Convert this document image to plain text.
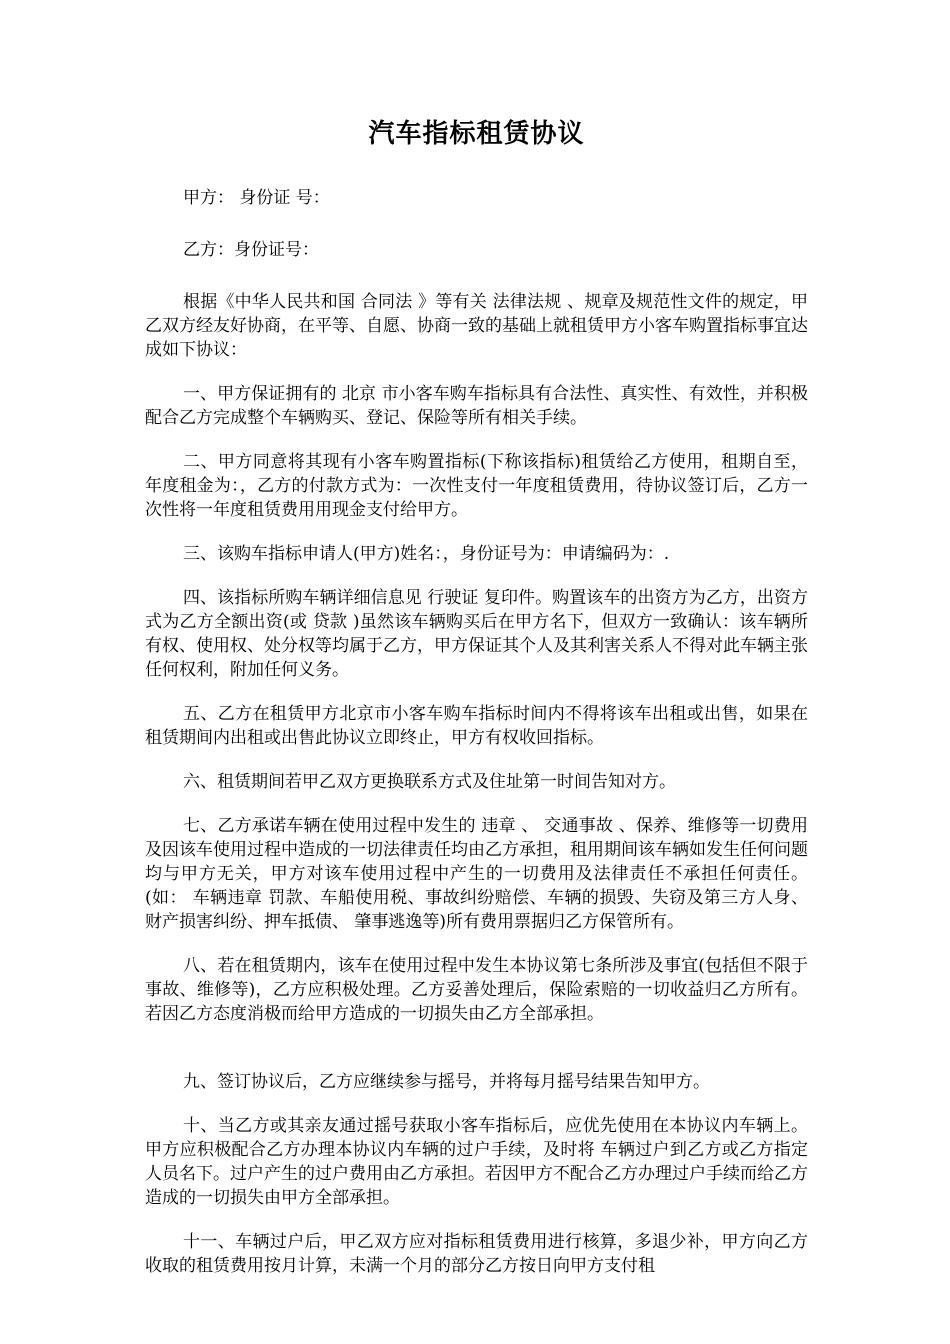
汽车指标租赁协议

甲方： 身份证 号：

乙方：身份证号：

根据《中华人民共和国 合同法 》等有关 法律法规 、规章及规范性文件的规定，甲乙双方经友好协商，在平等、自愿、协商一致的基础上就租赁甲方小客车购置指标事宜达成如下协议：

一、甲方保证拥有的 北京 市小客车购车指标具有合法性、真实性、有效性，并积极配合乙方完成整个车辆购买、登记、保险等所有相关手续。

二、甲方同意将其现有小客车购置指标(下称该指标)租赁给乙方使用，租期自至，年度租金为：，乙方的付款方式为：一次性支付一年度租赁费用，待协议签订后，乙方一次性将一年度租赁费用用现金支付给甲方。

三、该购车指标申请人(甲方)姓名：，身份证号为：申请编码为：.

四、该指标所购车辆详细信息见 行驶证 复印件。购置该车的出资方为乙方，出资方式为乙方全额出资(或 贷款 )虽然该车辆购买后在甲方名下，但双方一致确认：该车辆所有权、使用权、处分权等均属于乙方，甲方保证其个人及其利害关系人不得对此车辆主张任何权利，附加任何义务。

五、乙方在租赁甲方北京市小客车购车指标时间内不得将该车出租或出售，如果在租赁期间内出租或出售此协议立即终止，甲方有权收回指标。

六、租赁期间若甲乙双方更换联系方式及住址第一时间告知对方。

七、乙方承诺车辆在使用过程中发生的 违章 、 交通事故 、保养、维修等一切费用及因该车使用过程中造成的一切法律责任均由乙方承担，租用期间该车辆如发生任何问题均与甲方无关，甲方对该车使用过程中产生的一切费用及法律责任不承担任何责任。(如： 车辆违章 罚款、车船使用税、事故纠纷赔偿、车辆的损毁、失窃及第三方人身、财产损害纠纷、押车抵债、 肇事逃逸等)所有费用票据归乙方保管所有。

八、若在租赁期内，该车在使用过程中发生本协议第七条所涉及事宜(包括但不限于事故、维修等)，乙方应积极处理。乙方妥善处理后，保险索赔的一切收益归乙方所有。若因乙方态度消极而给甲方造成的一切损失由乙方全部承担。

九、签订协议后，乙方应继续参与摇号，并将每月摇号结果告知甲方。

十、当乙方或其亲友通过摇号获取小客车指标后，应优先使用在本协议内车辆上。甲方应积极配合乙方办理本协议内车辆的过户手续，及时将 车辆过户到乙方或乙方指定人员名下。过户产生的过户费用由乙方承担。若因甲方不配合乙方办理过户手续而给乙方造成的一切损失由甲方全部承担。

十一、车辆过户后，甲乙双方应对指标租赁费用进行核算，多退少补，甲方向乙方收取的租赁费用按月计算，未满一个月的部分乙方按日向甲方支付租
